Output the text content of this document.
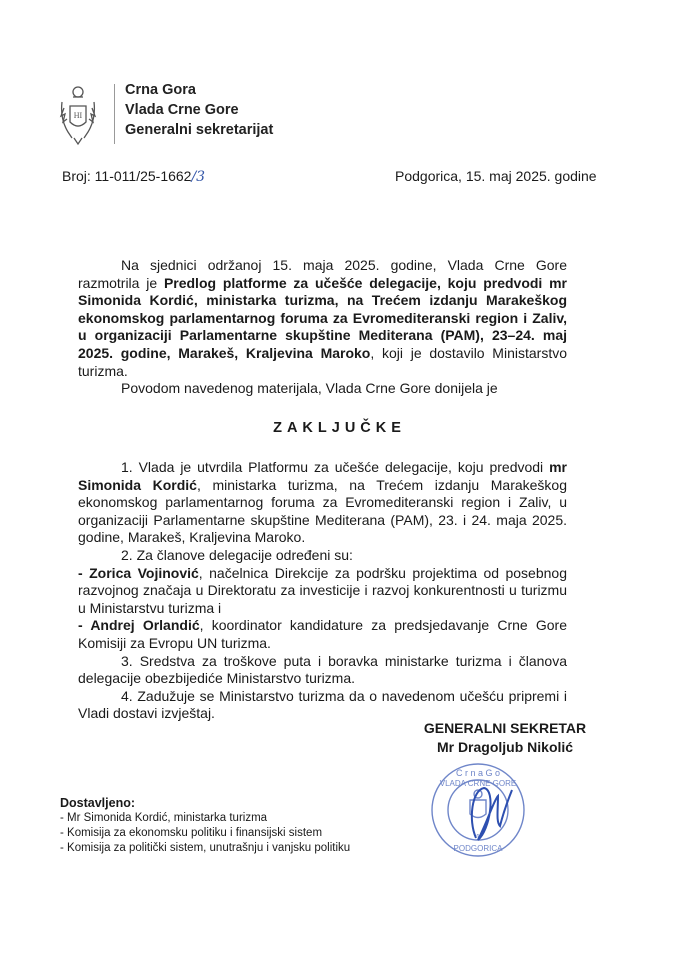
HI
Crna Gora
Vlada Crne Gore
Generalni sekretarijat
Broj: 11-011/25-1662/3	Podgorica, 15. maj 2025. godine

Na sjednici održanoj 15. maja 2025. godine, Vlada Crne Gore razmotrila je Predlog platforme za učešće delegacije, koju predvodi mr Simonida Kordić, ministarka turizma, na Trećem izdanju Marakeškog ekonomskog parlamentarnog foruma za Evromediteranski region i Zaliv, u organizaciji Parlamentarne skupštine Mediterana (PAM), 23–24. maj 2025. godine, Marakeš, Kraljevina Maroko, koji je dostavilo Ministarstvo turizma.

Povodom navedenog materijala, Vlada Crne Gore donijela je

ZAKLJUČKE

1. Vlada je utvrdila Platformu za učešće delegacije, koju predvodi mr Simonida Kordić, ministarka turizma, na Trećem izdanju Marakeškog ekonomskog parlamentarnog foruma za Evromediteranski region i Zaliv, u organizaciji Parlamentarne skupštine Mediterana (PAM), 23. i 24. maja 2025. godine, Marakeš, Kraljevina Maroko.

2. Za članove delegacije određeni su:

- Zorica Vojinović, načelnica Direkcije za podršku projektima od posebnog razvojnog značaja u Direktoratu za investicije i razvoj konkurentnosti u turizmu u Ministarstvu turizma i

- Andrej Orlandić, koordinator kandidature za predsjedavanje Crne Gore Komisiji za Evropu UN turizma.

3. Sredstva za troškove puta i boravka ministarke turizma i članova delegacije obezbijediće Ministarstvo turizma.

4. Zadužuje se Ministarstvo turizma da o navedenom učešću pripremi i Vladi dostavi izvještaj.

GENERALNI SEKRETAR
Mr Dragoljub Nikolić
C r n a G o
VLADA CRNE GORE
1
PODGORICA
Dostavljeno:
- Mr Simonida Kordić, ministarka turizma
- Komisija za ekonomsku politiku i finansijski sistem
- Komisija za politički sistem, unutrašnju i vanjsku politiku
